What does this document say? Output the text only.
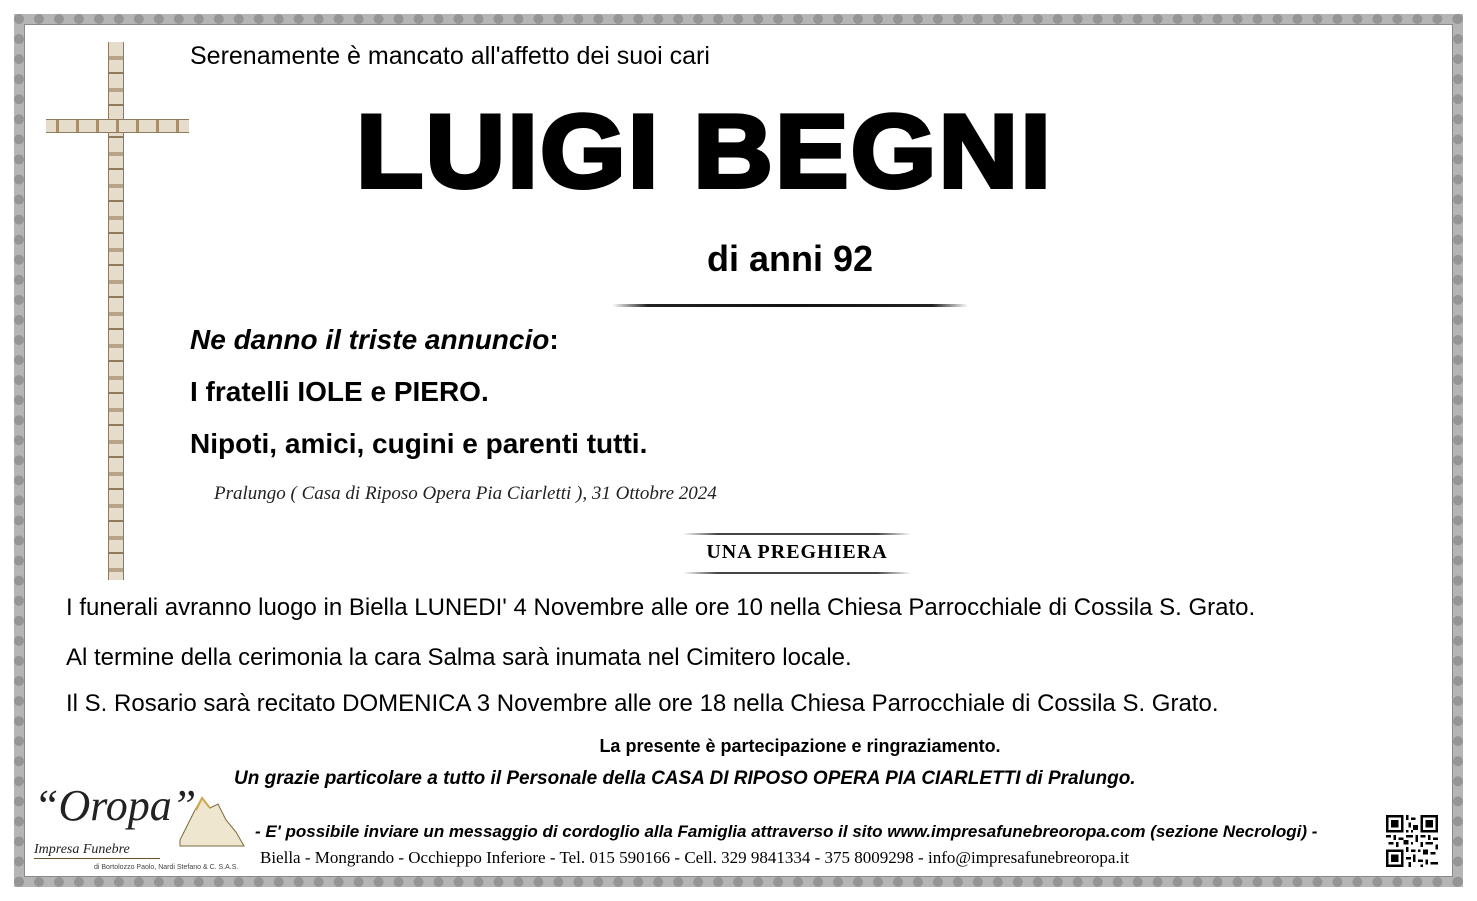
Serenamente è mancato all'affetto dei suoi cari
LUIGI BEGNI
di anni 92
Ne danno il triste annuncio:
I fratelli IOLE e PIERO.
Nipoti, amici, cugini e parenti tutti.
Pralungo ( Casa di Riposo Opera Pia Ciarletti ), 31 Ottobre 2024
UNA PREGHIERA
I funerali avranno luogo in Biella LUNEDI' 4 Novembre alle ore 10 nella Chiesa Parrocchiale di Cossila S. Grato.
Al termine della cerimonia la cara Salma sarà inumata nel Cimitero locale.
Il S. Rosario sarà recitato DOMENICA 3 Novembre alle ore 18 nella Chiesa Parrocchiale di Cossila S. Grato.
La presente è partecipazione e ringraziamento.
Un grazie particolare a tutto il Personale della CASA DI RIPOSO OPERA PIA CIARLETTI di Pralungo.
“Oropa”
Impresa Funebre
di Bortolozzo Paolo, Nardi Stefano & C. S.A.S.
- E' possibile inviare un messaggio di cordoglio alla Famiglia attraverso il sito www.impresafunebreoropa.com (sezione Necrologi) -
Biella - Mongrando - Occhieppo Inferiore - Tel. 015 590166 - Cell. 329 9841334 - 375 8009298 - info@impresafunebreoropa.it
